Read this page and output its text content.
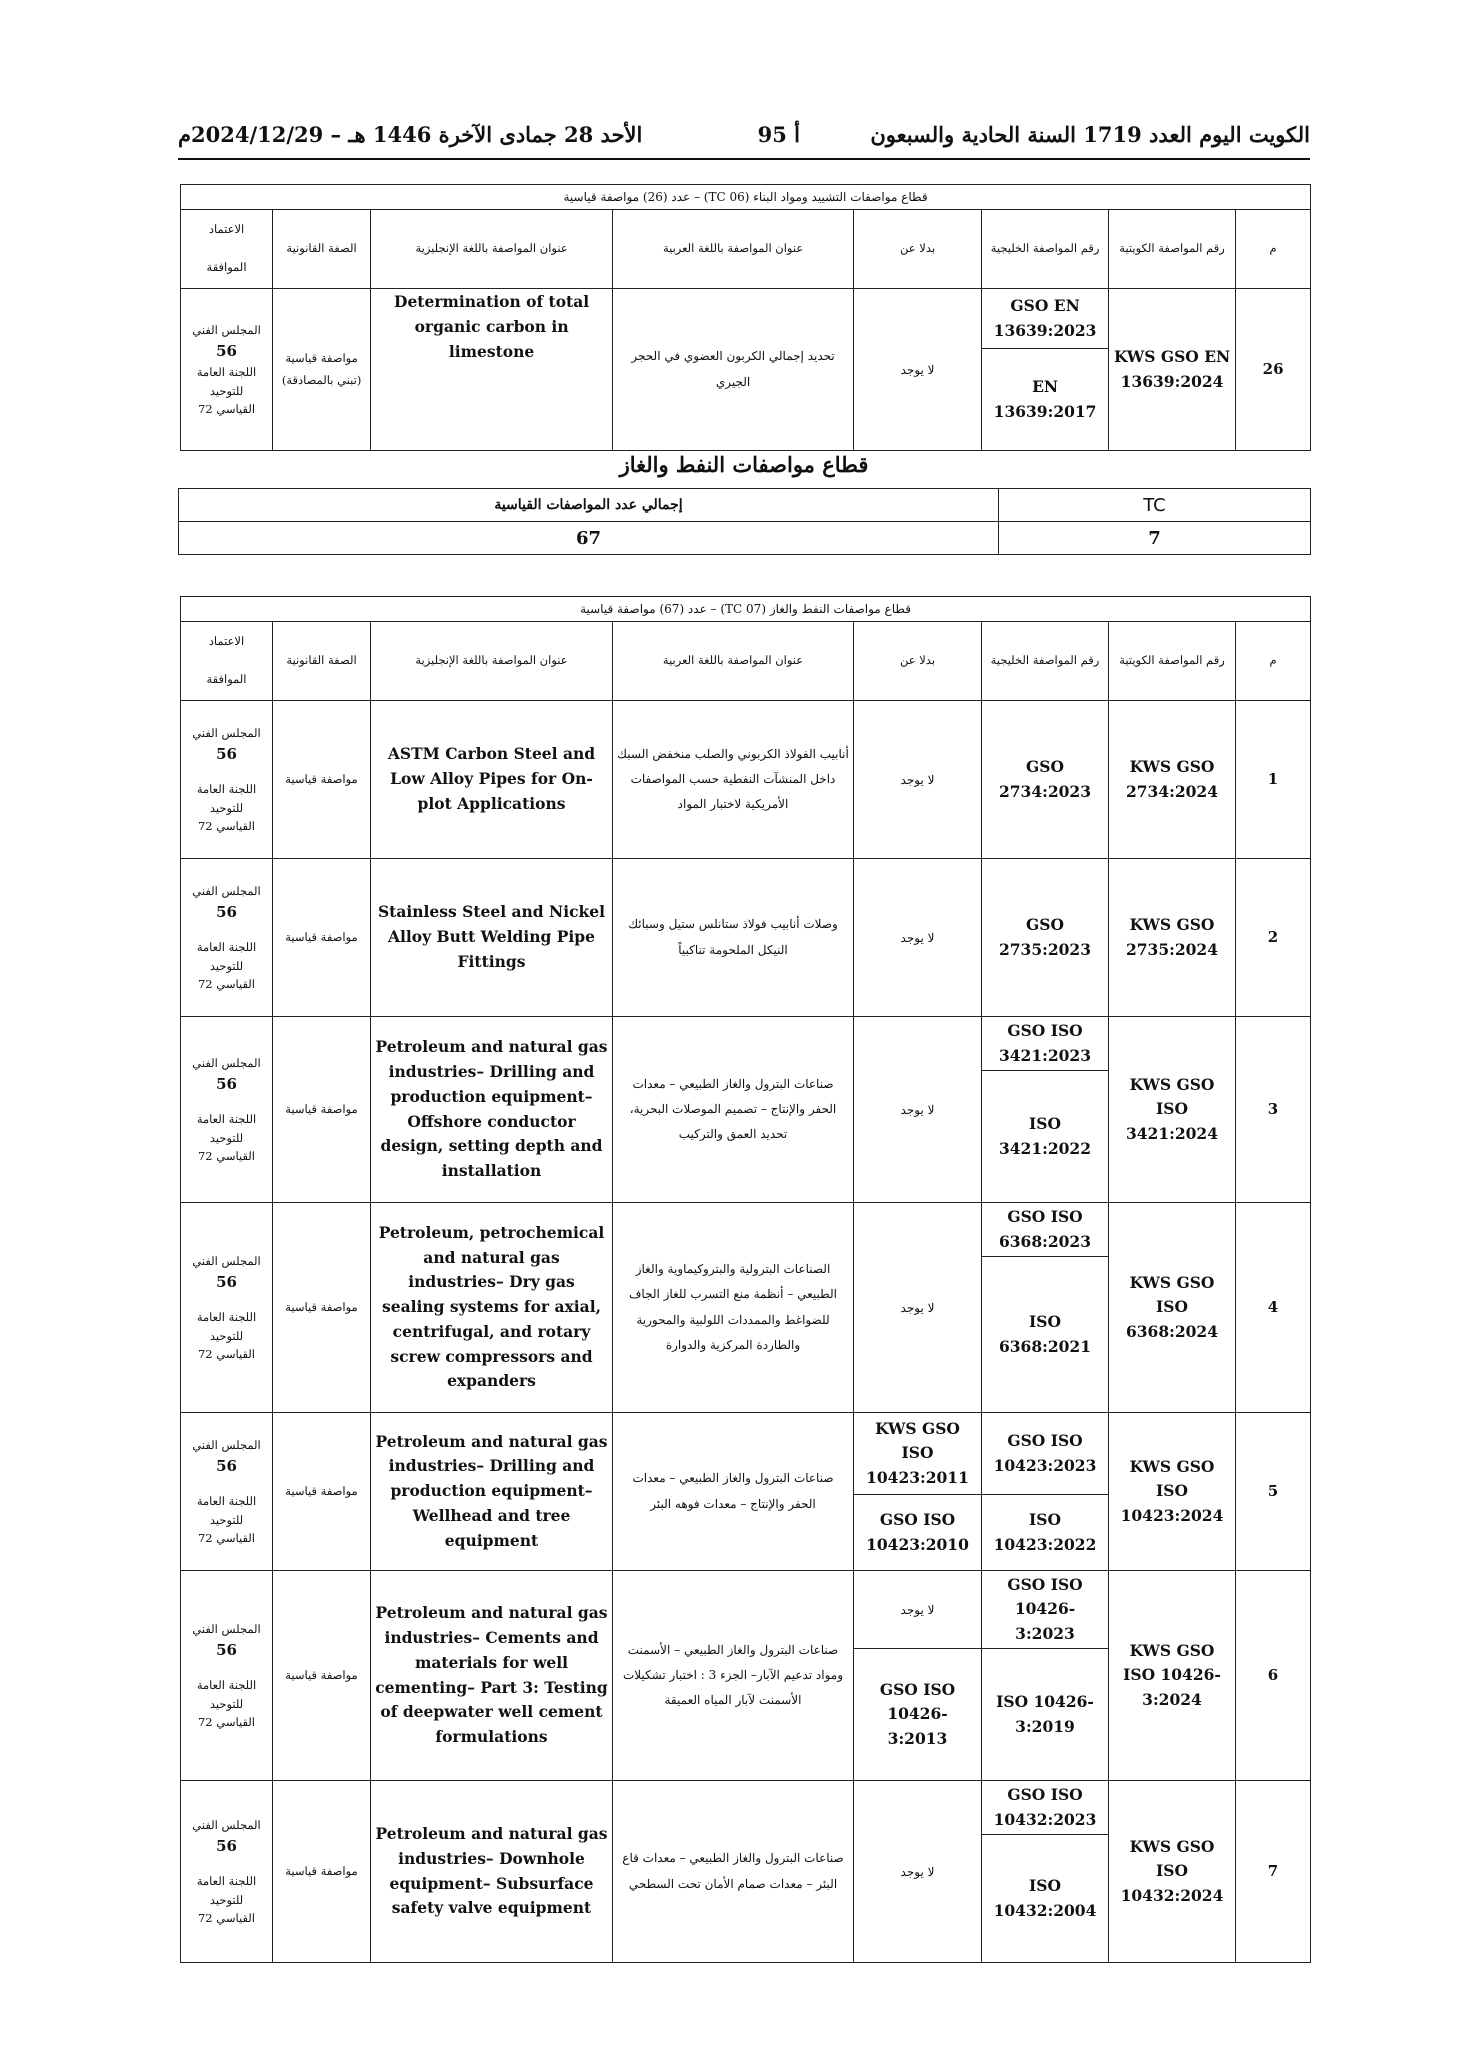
الكويت اليوم العدد 1719 السنة الحادية والسبعون
أ 95
الأحد 28 جمادى الآخرة 1446 هـ – 2024/12/29م
قطاع مواصفات التشييد ومواد البناء (TC 06) – عدد (26) مواصفة قياسية							
م	رقم المواصفة الكويتية	رقم المواصفة الخليجية	بدلا عن	عنوان المواصفة باللغة العربية	عنوان المواصفة باللغة الإنجليزية	الصفة القانونية	الاعتماد
الموافقة

26	KWS GSO EN 13639:2024	GSO EN 13639:2023	لا يوجد	تحديد إجمالي الكربون العضوي في الحجر الجيري	Determination of total organic carbon in limestone	مواصفة قياسية (تبني بالمصادقة)	المجلس الفني
56
اللجنة العامة
للتوحيد
القياسي 72

		EN 13639:2017					
قطاع مواصفات النفط والغاز
TC	إجمالي عدد المواصفات القياسية
7	67
قطاع مواصفات النفط والغاز (TC 07) – عدد (67) مواصفة قياسية							
م	رقم المواصفة الكويتية	رقم المواصفة الخليجية	بدلا عن	عنوان المواصفة باللغة العربية	عنوان المواصفة باللغة الإنجليزية	الصفة القانونية	الاعتماد
الموافقة

1	KWS GSO 2734:2024	GSO 2734:2023	لا يوجد	أنابيب الفولاذ الكربوني والصلب منخفض السبك داخل المنشآت النفطية حسب المواصفات الأمريكية لاختبار المواد	ASTM Carbon Steel and Low Alloy Pipes for On-plot Applications	مواصفة قياسية	المجلس الفني
56
اللجنة العامة
للتوحيد
القياسي 72

2	KWS GSO 2735:2024	GSO 2735:2023	لا يوجد	وصلات أنابيب فولاذ ستانلس ستيل وسبائك النيكل الملحومة تناكبياً	Stainless Steel and Nickel Alloy Butt Welding Pipe Fittings	مواصفة قياسية	المجلس الفني
56
اللجنة العامة
للتوحيد
القياسي 72

3	KWS GSO ISO 3421:2024	GSO ISO 3421:2023	لا يوجد	صناعات البترول والغاز الطبيعي – معدات الحفر والإنتاج – تصميم الموصلات البحرية، تحديد العمق والتركيب	Petroleum and natural gas industries– Drilling and production equipment– Offshore conductor design, setting depth and installation	مواصفة قياسية	المجلس الفني
56
اللجنة العامة
للتوحيد
القياسي 72

		ISO 3421:2022					
4	KWS GSO ISO 6368:2024	GSO ISO 6368:2023	لا يوجد	الصناعات البترولية والبتروكيماوية والغاز الطبيعي – أنظمة منع التسرب للغاز الجاف للضواغط والممددات اللولبية والمحورية والطاردة المركزية والدوارة	Petroleum, petrochemical and natural gas industries– Dry gas sealing systems for axial, centrifugal, and rotary screw compressors and expanders	مواصفة قياسية	المجلس الفني
56
اللجنة العامة
للتوحيد
القياسي 72

		ISO 6368:2021					
5	KWS GSO ISO 10423:2024	GSO ISO 10423:2023	KWS GSO ISO 10423:2011	صناعات البترول والغاز الطبيعي – معدات الحفر والإنتاج – معدات فوهه البئر	Petroleum and natural gas industries– Drilling and production equipment– Wellhead and tree equipment	مواصفة قياسية	المجلس الفني
56
اللجنة العامة
للتوحيد
القياسي 72

		ISO 10423:2022	GSO ISO 10423:2010				
6	KWS GSO ISO 10426-3:2024	GSO ISO 10426-3:2023	لا يوجد	صناعات البترول والغاز الطبيعي – الأسمنت ومواد تدعيم الآبار– الجزء 3 : اختبار تشكيلات الأسمنت لآبار المياه العميقة	Petroleum and natural gas industries– Cements and materials for well cementing– Part 3: Testing of deepwater well cement formulations	مواصفة قياسية	المجلس الفني
56
اللجنة العامة
للتوحيد
القياسي 72

		ISO 10426-3:2019	GSO ISO 10426-3:2013				
7	KWS GSO ISO 10432:2024	GSO ISO 10432:2023	لا يوجد	صناعات البترول والغاز الطبيعي – معدات قاع البئر – معدات صمام الأمان تحت السطحي	Petroleum and natural gas industries– Downhole equipment– Subsurface safety valve equipment	مواصفة قياسية	المجلس الفني
56
اللجنة العامة
للتوحيد
القياسي 72

		ISO 10432:2004					
